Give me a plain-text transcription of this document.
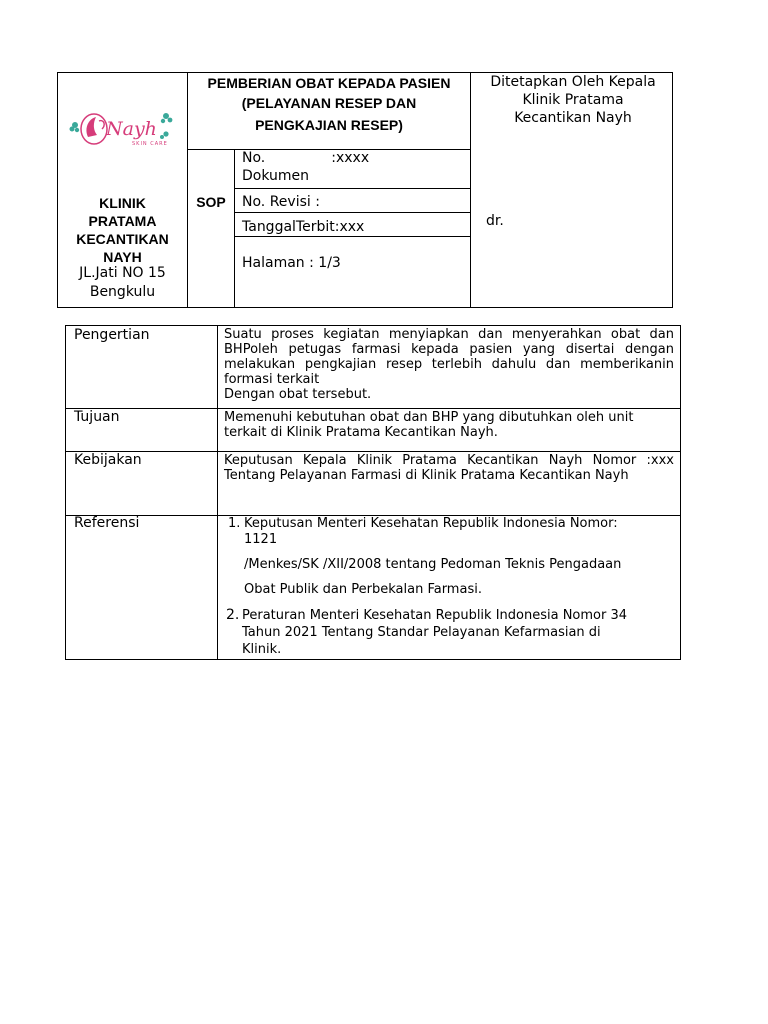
Nayh
SKIN CARE
KLINIK
PRATAMA
KECANTIKAN
NAYH
JL.Jati NO 15
Bengkulu
PEMBERIAN OBAT KEPADA PASIEN
(PELAYANAN RESEP DAN
PENGKAJIAN RESEP)
SOP
No.	:xxxx
Dokumen
No. Revisi :
TanggalTerbit:xxx
Halaman : 1/3
Ditetapkan Oleh Kepala
Klinik Pratama
Kecantikan Nayh
dr.
Pengertian	Suatu proses kegiatan menyiapkan dan menyerahkan obat dan
BHPoleh petugas farmasi kepada pasien yang disertai dengan
melakukan pengkajian resep terlebih dahulu dan memberikanin
formasi terkait
Dengan obat tersebut.
Tujuan	Memenuhi kebutuhan obat dan BHP yang dibutuhkan oleh unit
terkait di Klinik Pratama Kecantikan Nayh.
Kebijakan	Keputusan Kepala Klinik Pratama Kecantikan Nayh Nomor :xxx
Tentang Pelayanan Farmasi di Klinik Pratama Kecantikan Nayh
Referensi	1. Keputusan Menteri Kesehatan Republik Indonesia Nomor:
1121
/Menkes/SK /XII/2008 tentang Pedoman Teknis Pengadaan
Obat Publik dan Perbekalan Farmasi.
2. Peraturan Menteri Kesehatan Republik Indonesia Nomor 34
Tahun 2021 Tentang Standar Pelayanan Kefarmasian di
Klinik.
